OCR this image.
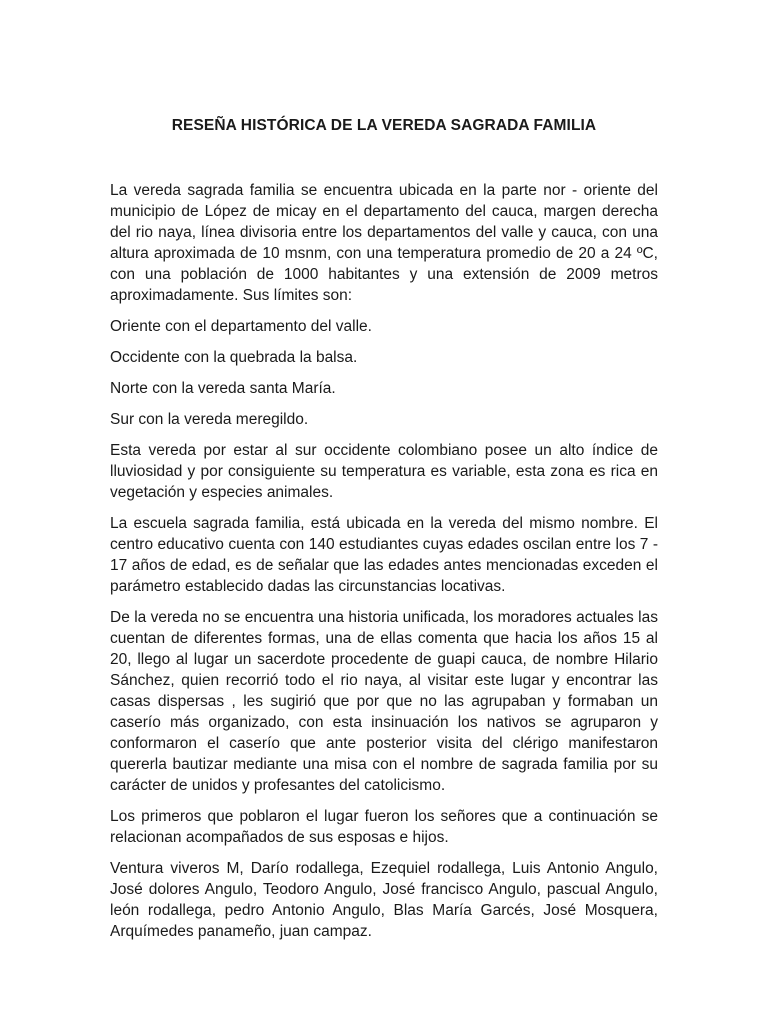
RESEÑA HISTÓRICA DE LA VEREDA SAGRADA FAMILIA

La vereda sagrada familia se encuentra ubicada en la parte nor - oriente del municipio de López de micay en el departamento del cauca, margen derecha del rio naya, línea divisoria entre los departamentos del valle y cauca, con una altura aproximada de 10 msnm, con una temperatura promedio de 20 a 24 ºC, con una población de 1000 habitantes y una extensión de 2009 metros aproximadamente. Sus límites son:

Oriente con el departamento del valle.

Occidente con la quebrada la balsa.

Norte con la vereda santa María.

Sur con la vereda meregildo.

Esta vereda por estar al sur occidente colombiano posee un alto índice de lluviosidad y por consiguiente su temperatura es variable, esta zona es rica en vegetación y especies animales.

La escuela sagrada familia, está ubicada en la vereda del mismo nombre. El centro educativo cuenta con 140 estudiantes cuyas edades oscilan entre los 7 - 17 años de edad, es de señalar que las edades antes mencionadas exceden el parámetro establecido dadas las circunstancias locativas.

De la vereda no se encuentra una historia unificada, los moradores actuales las cuentan de diferentes formas, una de ellas comenta que hacia los años 15 al 20, llego al lugar un sacerdote procedente de guapi cauca, de nombre Hilario Sánchez, quien recorrió todo el rio naya, al visitar este lugar y encontrar las casas dispersas , les sugirió que por que no las agrupaban y formaban un caserío más organizado, con esta insinuación los nativos se agruparon y conformaron el caserío que ante posterior visita del clérigo manifestaron quererla bautizar mediante una misa con el nombre de sagrada familia por su carácter de unidos y profesantes del catolicismo.

Los primeros que poblaron el lugar fueron los señores que a continuación se relacionan acompañados de sus esposas e hijos.

Ventura viveros M, Darío rodallega, Ezequiel rodallega, Luis Antonio Angulo, José dolores Angulo, Teodoro Angulo, José francisco Angulo, pascual Angulo, león rodallega, pedro Antonio Angulo, Blas María Garcés, José Mosquera, Arquímedes panameño, juan campaz.
